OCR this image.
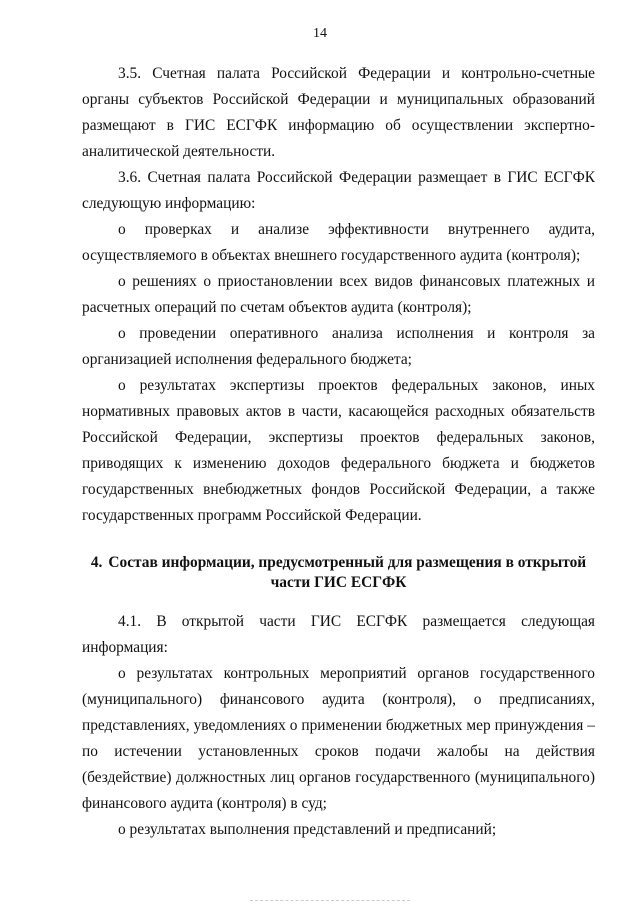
14

3.5. Счетная палата Российской Федерации и контрольно-счетные органы субъектов Российской Федерации и муниципальных образований размещают в ГИС ЕСГФК информацию об осуществлении экспертно-аналитической деятельности.

3.6. Счетная палата Российской Федерации размещает в ГИС ЕСГФК следующую информацию:

о проверках и анализе эффективности внутреннего аудита, осуществляемого в объектах внешнего государственного аудита (контроля);

о решениях о приостановлении всех видов финансовых платежных и расчетных операций по счетам объектов аудита (контроля);

о проведении оперативного анализа исполнения и контроля за организацией исполнения федерального бюджета;

о результатах экспертизы проектов федеральных законов, иных нормативных правовых актов в части, касающейся расходных обязательств Российской Федерации, экспертизы проектов федеральных законов, приводящих к изменению доходов федерального бюджета и бюджетов государственных внебюджетных фондов Российской Федерации, а также государственных программ Российской Федерации.

4. Состав информации, предусмотренный для размещения в открытой части ГИС ЕСГФК

4.1. В открытой части ГИС ЕСГФК размещается следующая информация:

о результатах контрольных мероприятий органов государственного (муниципального) финансового аудита (контроля), о предписаниях, представлениях, уведомлениях о применении бюджетных мер принуждения – по истечении установленных сроков подачи жалобы на действия (бездействие) должностных лиц органов государственного (муниципального) финансового аудита (контроля) в суд;

о результатах выполнения представлений и предписаний;
